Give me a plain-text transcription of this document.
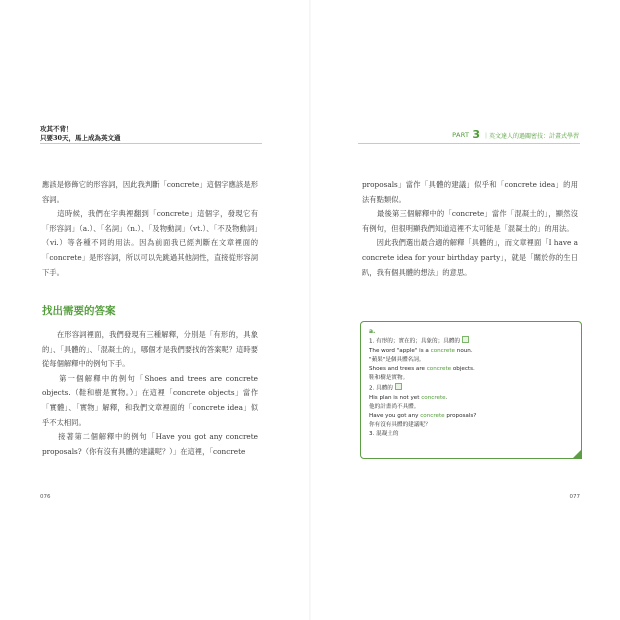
攻其不背！
只要30天，馬上成為英文通	PART 3 ｜英文達人的過關密技：計畫式學習

應該是修飾它的形容詞，因此我判斷「concrete」這個字應該是形容詞。

　　這時候，我們在字典裡翻到「concrete」這個字，發現它有「形容詞」（a.）、「名詞」（n.）、「及物動詞」（vt.）、「不及物動詞」（vi.）等各種不同的用法。因為前面我已經判斷在文章裡面的「concrete」是形容詞，所以可以先跳過其他詞性，直接從形容詞下手。

找出需要的答案

　　在形容詞裡面，我們發現有三種解釋，分別是「有形的，具象的」、「具體的」、「混凝土的」，哪個才是我們要找的答案呢？這時要從每個解釋中的例句下手。

　　第一個解釋中的例句「Shoes and trees are concrete objects.（鞋和樹是實物。）」在這裡「concrete objects」當作「實體」、「實物」解釋，和我們文章裡面的「concrete idea」似乎不太相同。

　　接著第二個解釋中的例句「Have you got any concrete proposals?（你有沒有具體的建議呢？）」在這裡，「concrete

proposals」當作「具體的建議」似乎和「concrete idea」的用法有點類似。

　　最後第三個解釋中的「concrete」當作「混凝土的」，顯然沒有例句，但很明顯我們知道這裡不太可能是「混凝土的」的用法。

　　因此我們選出最合適的解釋「具體的」，而文章裡面「I have a concrete idea for your birthday party」，就是「關於你的生日趴，我有個具體的想法」的意思。

a.
1. 有形的；實在的；具象的；具體的
The word "apple" is a concrete noun.
"蘋果"是個具體名詞。
Shoes and trees are concrete objects.
鞋和樹是實物。
2. 具體的
His plan is not yet concrete.
他的計畫尚不具體。
Have you got any concrete proposals?
你有沒有具體的建議呢？
3. 混凝土的
076	077
